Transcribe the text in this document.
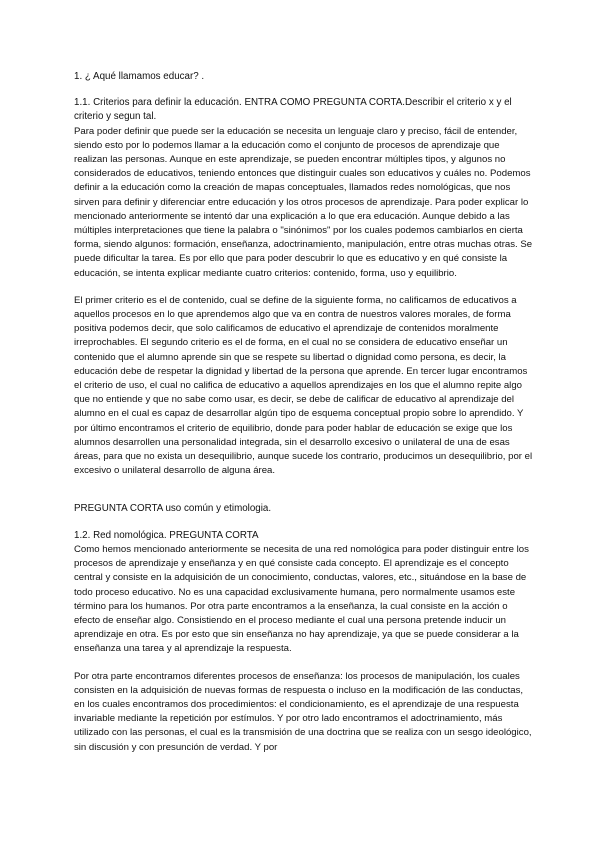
1. ¿ Aqué llamamos educar? .
1.1. Criterios para definir la educación. ENTRA COMO PREGUNTA CORTA.Describir el criterio x y el criterio y segun tal.

Para poder definir que puede ser la educación se necesita un lenguaje claro y preciso, fácil de entender, siendo esto por lo podemos llamar a la educación como el conjunto de procesos de aprendizaje que realizan las personas. Aunque en este aprendizaje, se pueden encontrar múltiples tipos, y algunos no considerados de educativos, teniendo entonces que distinguir cuales son educativos y cuáles no. Podemos definir a la educación como la creación de mapas conceptuales, llamados redes nomológicas, que nos sirven para definir y diferenciar entre educación y los otros procesos de aprendizaje. Para poder explicar lo mencionado anteriormente se intentó dar una explicación a lo que era educación. Aunque debido a las múltiples interpretaciones que tiene la palabra o "sinónimos" por los cuales podemos cambiarlos en cierta forma, siendo algunos: formación, enseñanza, adoctrinamiento, manipulación, entre otras muchas otras. Se puede dificultar la tarea. Es por ello que para poder descubrir lo que es educativo y en qué consiste la educación, se intenta explicar mediante cuatro criterios: contenido, forma, uso y equilibrio.

El primer criterio es el de contenido, cual se define de la siguiente forma, no calificamos de educativos a aquellos procesos en lo que aprendemos algo que va en contra de nuestros valores morales, de forma positiva podemos decir, que solo calificamos de educativo el aprendizaje de contenidos moralmente irreprochables. El segundo criterio es el de forma, en el cual no se considera de educativo enseñar un contenido que el alumno aprende sin que se respete su libertad o dignidad como persona, es decir, la educación debe de respetar la dignidad y libertad de la persona que aprende. En tercer lugar encontramos el criterio de uso, el cual no califica de educativo a aquellos aprendizajes en los que el alumno repite algo que no entiende y que no sabe como usar, es decir, se debe de calificar de educativo al aprendizaje del alumno en el cual es capaz de desarrollar algún tipo de esquema conceptual propio sobre lo aprendido. Y por último encontramos el criterio de equilibrio, donde para poder hablar de educación se exige que los alumnos desarrollen una personalidad integrada, sin el desarrollo excesivo o unilateral de una de esas áreas, para que no exista un desequilibrio, aunque sucede los contrario, producimos un desequilibrio, por el excesivo o unilateral desarrollo de alguna área.

PREGUNTA CORTA uso común y etimologia.
1.2. Red nomológica. PREGUNTA CORTA

Como hemos mencionado anteriormente se necesita de una red nomológica para poder distinguir entre los procesos de aprendizaje y enseñanza y en qué consiste cada concepto. El aprendizaje es el concepto central y consiste en la adquisición de un conocimiento, conductas, valores, etc., situándose en la base de todo proceso educativo. No es una capacidad exclusivamente humana, pero normalmente usamos este término para los humanos. Por otra parte encontramos a la enseñanza, la cual consiste en la acción o efecto de enseñar algo. Consistiendo en el proceso mediante el cual una persona pretende inducir un aprendizaje en otra. Es por esto que sin enseñanza no hay aprendizaje, ya que se puede considerar a la enseñanza una tarea y al aprendizaje la respuesta.

Por otra parte encontramos diferentes procesos de enseñanza: los procesos de manipulación, los cuales consisten en la adquisición de nuevas formas de respuesta o incluso en la modificación de las conductas, en los cuales encontramos dos procedimientos: el condicionamiento, es el aprendizaje de una respuesta invariable mediante la repetición por estímulos. Y por otro lado encontramos el adoctrinamiento, más utilizado con las personas, el cual es la transmisión de una doctrina que se realiza con un sesgo ideológico, sin discusión y con presunción de verdad. Y por
